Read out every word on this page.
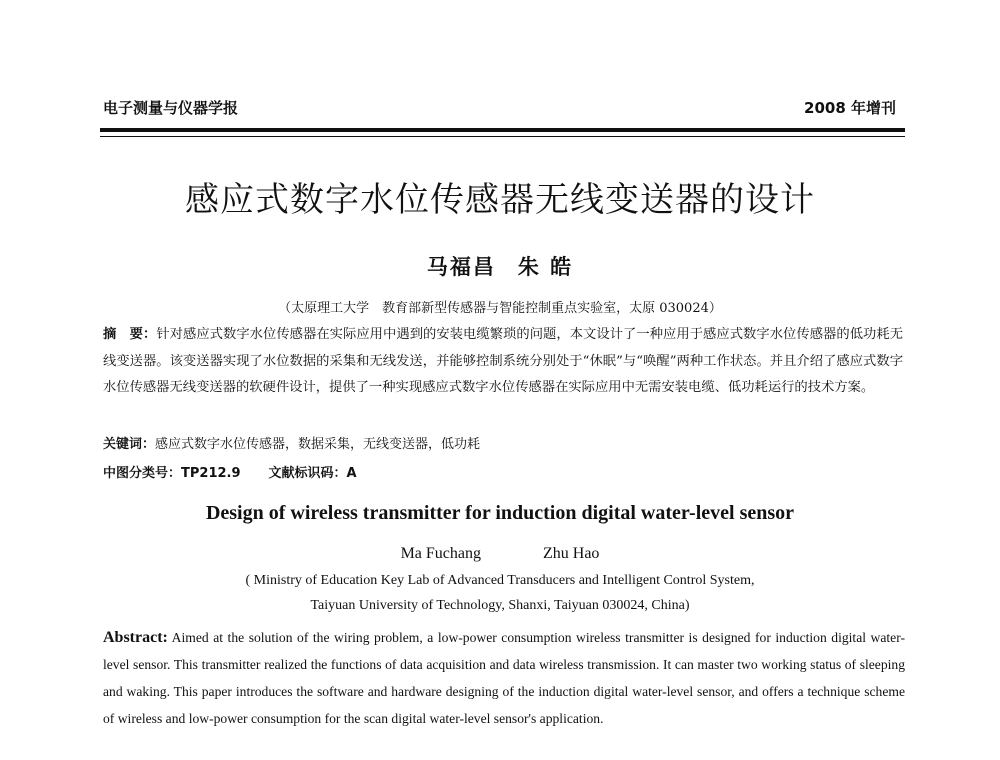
电子测量与仪器学报	2008 年增刊
感应式数字水位传感器无线变送器的设计
马福昌 朱 皓
（太原理工大学　教育部新型传感器与智能控制重点实验室，太原 030024）
摘　要：针对感应式数字水位传感器在实际应用中遇到的安装电缆繁琐的问题，本文设计了一种应用于感应式数字水位传感器的低功耗无线变送器。该变送器实现了水位数据的采集和无线发送，并能够控制系统分别处于“休眠”与“唤醒”两种工作状态。并且介绍了感应式数字水位传感器无线变送器的软硬件设计，提供了一种实现感应式数字水位传感器在实际应用中无需安装电缆、低功耗运行的技术方案。
关键词：感应式数字水位传感器，数据采集，无线变送器，低功耗
中图分类号：TP212.9 文献标识码：A
Design of wireless transmitter for induction digital water-level sensor
Ma Fuchang	Zhu Hao
( Ministry of Education Key Lab of Advanced Transducers and Intelligent Control System,
Taiyuan University of Technology, Shanxi, Taiyuan 030024, China)
Abstract: Aimed at the solution of the wiring problem, a low-power consumption wireless transmitter is designed for induction digital water-level sensor. This transmitter realized the functions of data acquisition and data wireless transmission. It can master two working status of sleeping and waking. This paper introduces the software and hardware designing of the induction digital water-level sensor, and offers a technique scheme of wireless and low-power consumption for the scan digital water-level sensor's application.
